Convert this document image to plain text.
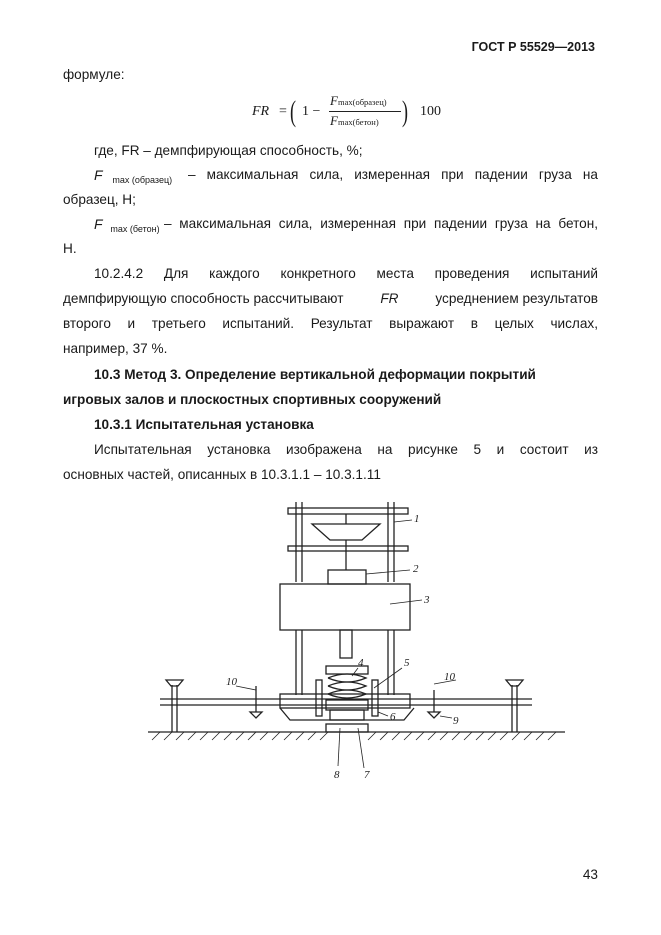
ГОСТ Р 55529—2013
формуле:
FR = ( 1 −
F max(образец)
F max(бетон) ) 100
где, FR – демпфирующая способность, %;
F $_{max (образец)}$ – максимальная сила, измеренная при падении груза на
образец, Н;
F $_{max (бетон)}$ – максимальная сила, измеренная при падении груза на бетон,
Н.
10.2.4.2 Для каждого конкретного места проведения испытаний
демпфирующую способность рассчитывают	FR	усреднением результатов
второго и третьего испытаний. Результат выражают в целых числах,
например, 37 %.
10.3 Метод 3. Определение вертикальной деформации покрытий
игровых залов и плоскостных спортивных сооружений
10.3.1 Испытательная установка
Испытательная установка изображена на рисунке 5 и состоит из
основных частей, описанных в 10.3.1.1 – 10.3.1.11
1
2
3
4	5
6
7
8
9
10	10
43
